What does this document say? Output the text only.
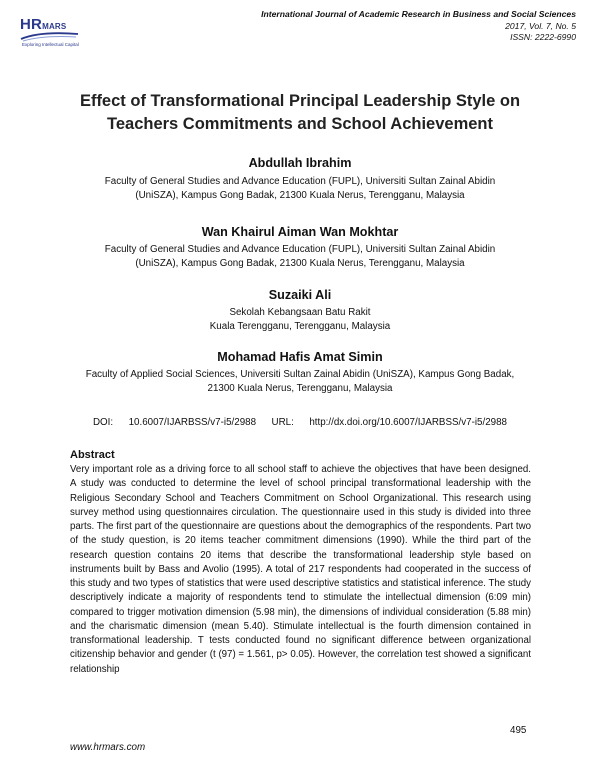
HRMARS
Exploring Intellectual Capital
International Journal of Academic Research in Business and Social Sciences
2017, Vol. 7, No. 5
ISSN: 2222-6990
Effect of Transformational Principal Leadership Style on
Teachers Commitments and School Achievement
Abdullah Ibrahim
Faculty of General Studies and Advance Education (FUPL), Universiti Sultan Zainal Abidin
(UniSZA), Kampus Gong Badak, 21300 Kuala Nerus, Terengganu, Malaysia
Wan Khairul Aiman Wan Mokhtar
Faculty of General Studies and Advance Education (FUPL), Universiti Sultan Zainal Abidin
(UniSZA), Kampus Gong Badak, 21300 Kuala Nerus, Terengganu, Malaysia
Suzaiki Ali
Sekolah Kebangsaan Batu Rakit
Kuala Terengganu, Terengganu, Malaysia
Mohamad Hafis Amat Simin
Faculty of Applied Social Sciences, Universiti Sultan Zainal Abidin (UniSZA), Kampus Gong Badak,
21300 Kuala Nerus, Terengganu, Malaysia
DOI: 10.6007/IJARBSS/v7-i5/2988 URL: http://dx.doi.org/10.6007/IJARBSS/v7-i5/2988
Abstract
Very important role as a driving force to all school staff to achieve the objectives that have been designed. A study was conducted to determine the level of school principal transformational leadership with the Religious Secondary School and Teachers Commitment on School Organizational. This research using survey method using questionnaires circulation. The questionnaire used in this study is divided into three parts. The first part of the questionnaire are questions about the demographics of the respondents. Part two of the study question, is 20 items teacher commitment dimensions (1990). While the third part of the research question contains 20 items that describe the transformational leadership style based on instruments built by Bass and Avolio (1995). A total of 217 respondents had cooperated in the success of this study and two types of statistics that were used descriptive statistics and statistical inference. The study descriptively indicate a majority of respondents tend to stimulate the intellectual dimension (6:09 min) compared to trigger motivation dimension (5.98 min), the dimensions of individual consideration (5.88 min) and the charismatic dimension (mean 5.40). Stimulate intellectual is the fourth dimension contained in transformational leadership. T tests conducted found no significant difference between organizational citizenship behavior and gender (t (97) = 1.561, p> 0.05). However, the correlation test showed a significant relationship
495
www.hrmars.com
